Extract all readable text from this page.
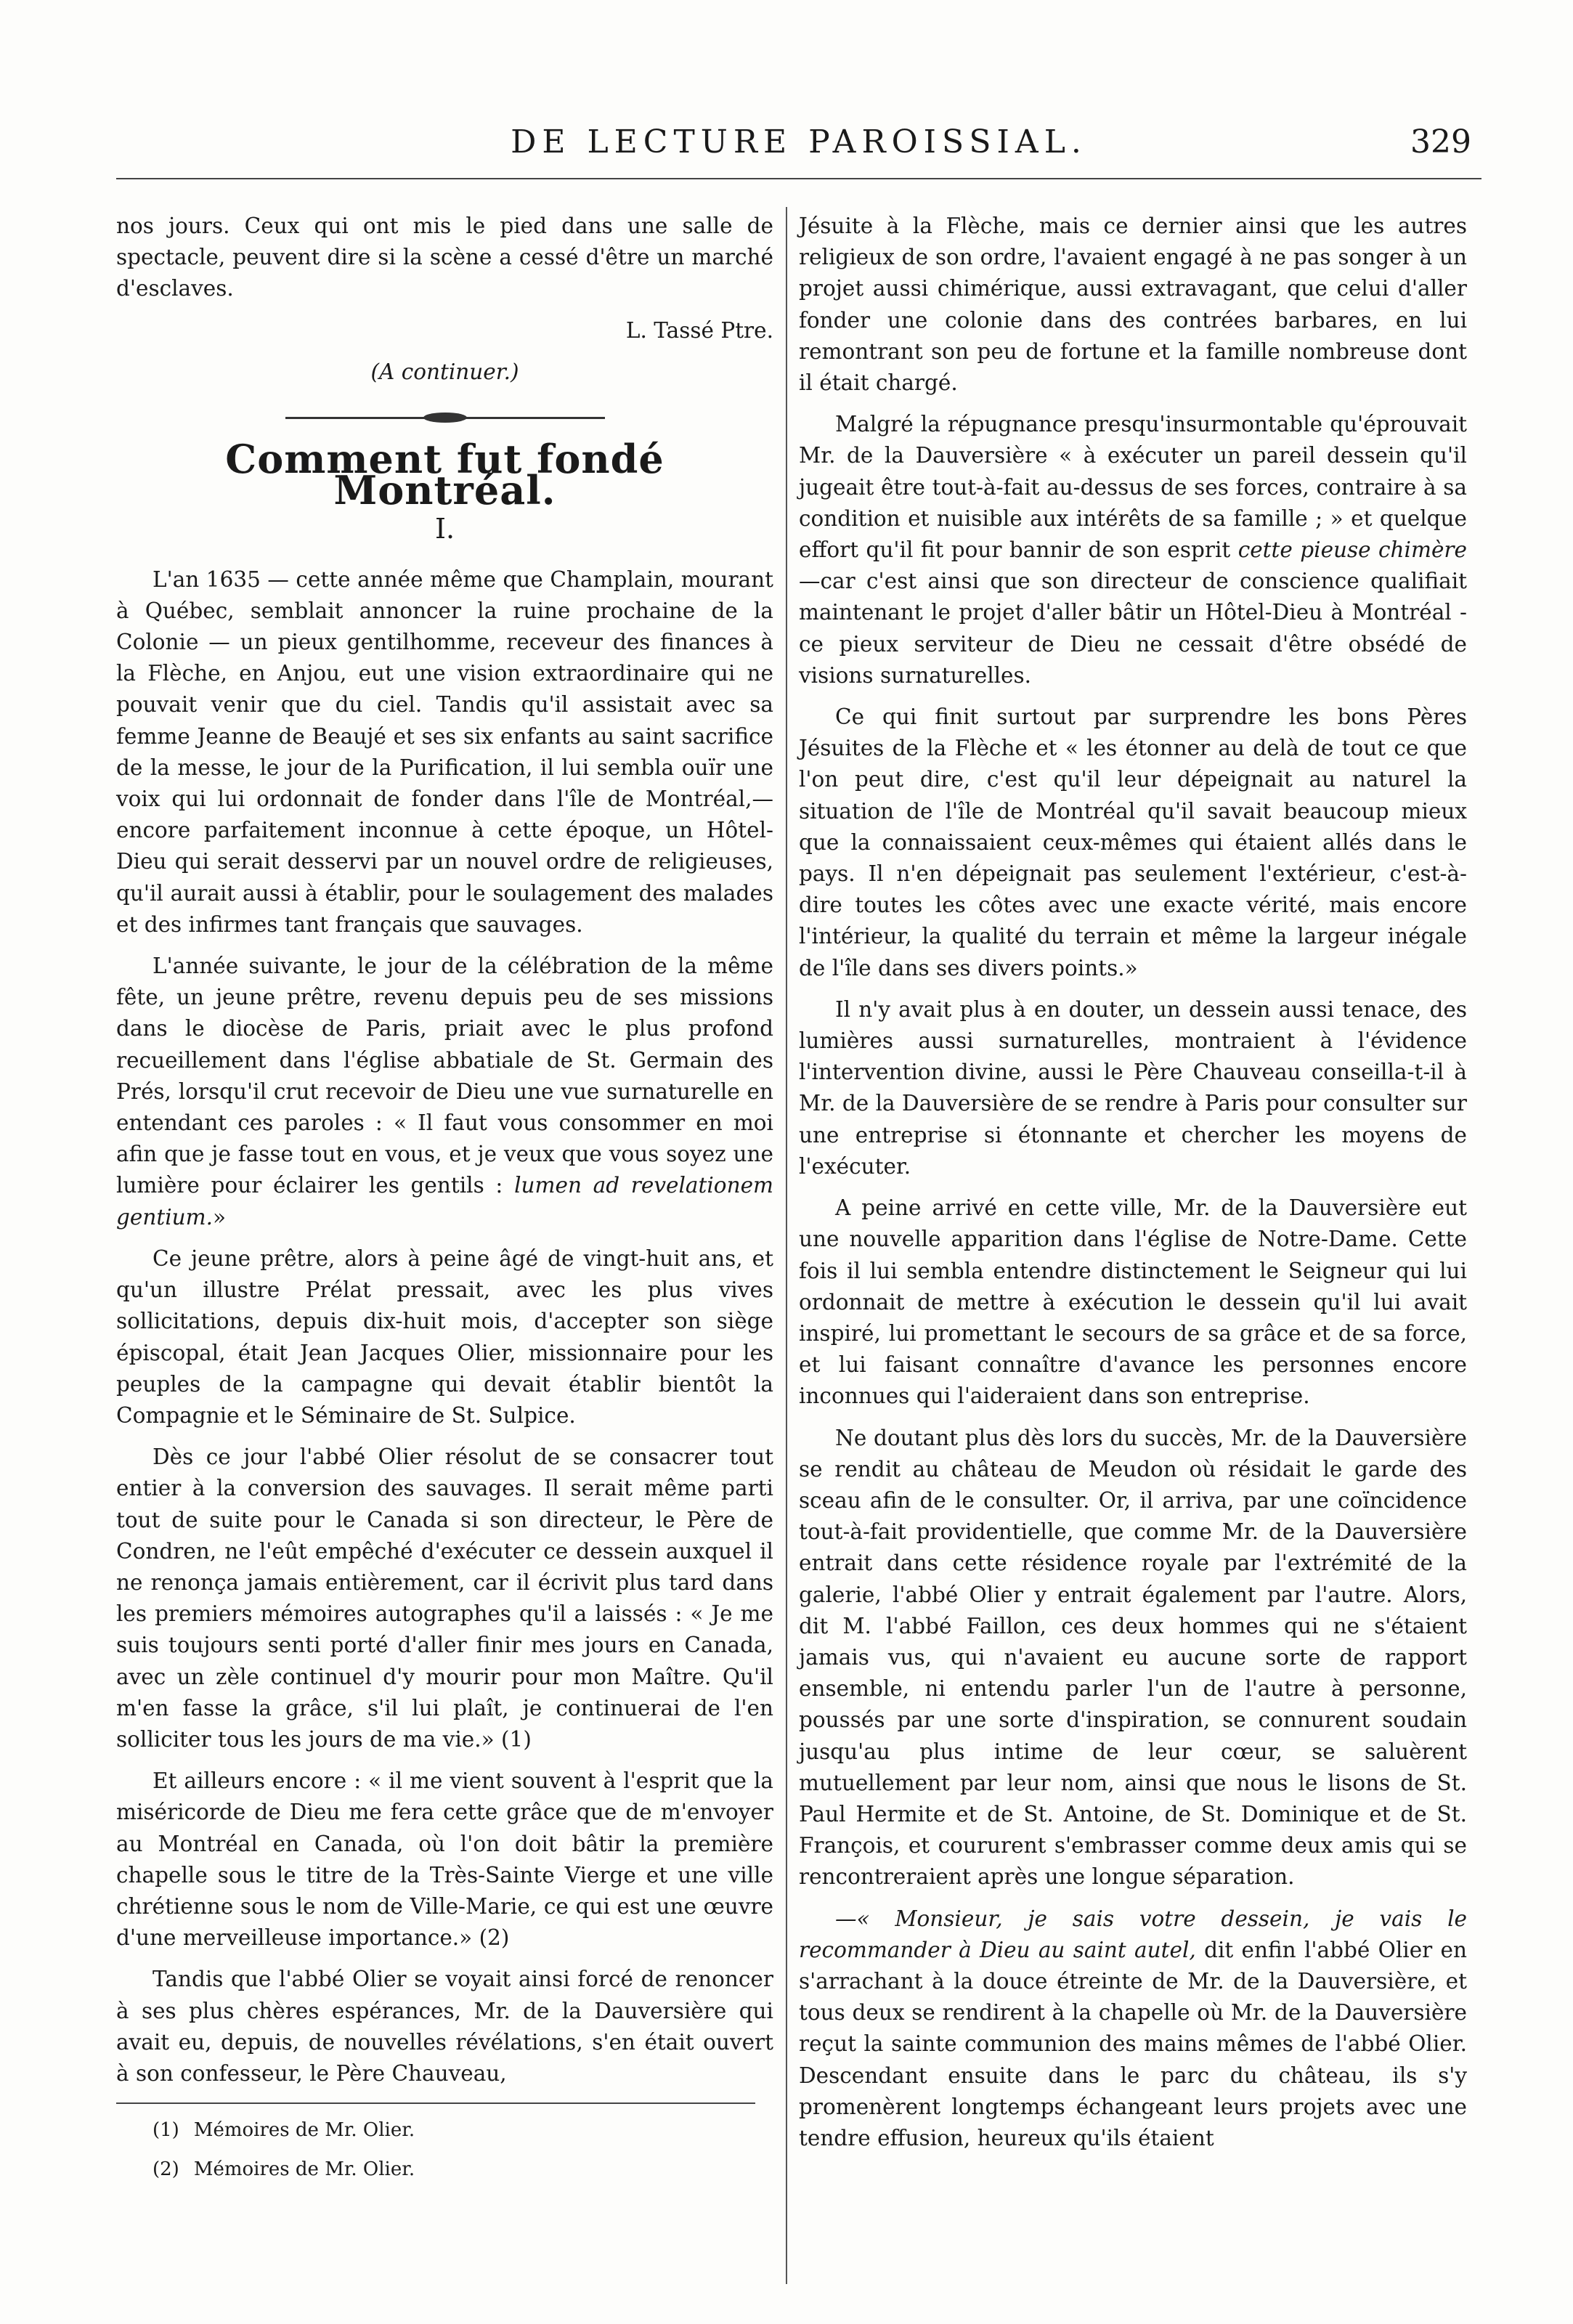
DE LECTURE PAROISSIAL.	329

nos jours. Ceux qui ont mis le pied dans une salle de spectacle, peuvent dire si la scène a cessé d'être un marché d'esclaves.

L. Tassé Ptre.

(A continuer.)

Comment fut fondé Montréal.
I.

L'an 1635 — cette année même que Champlain, mourant à Québec, semblait annoncer la ruine prochaine de la Colonie — un pieux gentilhomme, receveur des finances à la Flèche, en Anjou, eut une vision extraordinaire qui ne pouvait venir que du ciel. Tandis qu'il assistait avec sa femme Jeanne de Beaujé et ses six enfants au saint sacrifice de la messe, le jour de la Purification, il lui sembla ouïr une voix qui lui ordonnait de fonder dans l'île de Montréal,—encore parfaitement inconnue à cette époque, un Hôtel-Dieu qui serait desservi par un nouvel ordre de religieuses, qu'il aurait aussi à établir, pour le soulagement des malades et des infirmes tant français que sauvages.

L'année suivante, le jour de la célébration de la même fête, un jeune prêtre, revenu depuis peu de ses missions dans le diocèse de Paris, priait avec le plus profond recueillement dans l'église abbatiale de St. Germain des Prés, lorsqu'il crut recevoir de Dieu une vue surnaturelle en entendant ces paroles : « Il faut vous consommer en moi afin que je fasse tout en vous, et je veux que vous soyez une lumière pour éclairer les gentils : lumen ad revelationem gentium.»

Ce jeune prêtre, alors à peine âgé de vingt-huit ans, et qu'un illustre Prélat pressait, avec les plus vives sollicitations, depuis dix-huit mois, d'accepter son siège épiscopal, était Jean Jacques Olier, missionnaire pour les peuples de la campagne qui devait établir bientôt la Compagnie et le Séminaire de St. Sulpice.

Dès ce jour l'abbé Olier résolut de se consacrer tout entier à la conversion des sauvages. Il serait même parti tout de suite pour le Canada si son directeur, le Père de Condren, ne l'eût empêché d'exécuter ce dessein auxquel il ne renonça jamais entièrement, car il écrivit plus tard dans les premiers mémoires autographes qu'il a laissés : « Je me suis toujours senti porté d'aller finir mes jours en Canada, avec un zèle continuel d'y mourir pour mon Maître. Qu'il m'en fasse la grâce, s'il lui plaît, je continuerai de l'en solliciter tous les jours de ma vie.» (1)

Et ailleurs encore : « il me vient souvent à l'esprit que la miséricorde de Dieu me fera cette grâce que de m'envoyer au Montréal en Canada, où l'on doit bâtir la première chapelle sous le titre de la Très-Sainte Vierge et une ville chrétienne sous le nom de Ville-Marie, ce qui est une œuvre d'une merveilleuse importance.» (2)

Tandis que l'abbé Olier se voyait ainsi forcé de renoncer à ses plus chères espérances, Mr. de la Dauversière qui avait eu, depuis, de nouvelles révélations, s'en était ouvert à son confesseur, le Père Chauveau,

(1) Mémoires de Mr. Olier.

(2) Mémoires de Mr. Olier.

Jésuite à la Flèche, mais ce dernier ainsi que les autres religieux de son ordre, l'avaient engagé à ne pas songer à un projet aussi chimérique, aussi extravagant, que celui d'aller fonder une colonie dans des contrées barbares, en lui remontrant son peu de fortune et la famille nombreuse dont il était chargé.

Malgré la répugnance presqu'insurmontable qu'éprouvait Mr. de la Dauversière « à exécuter un pareil dessein qu'il jugeait être tout-à-fait au-dessus de ses forces, contraire à sa condition et nuisible aux intérêts de sa famille ; » et quelque effort qu'il fit pour bannir de son esprit cette pieuse chimère—car c'est ainsi que son directeur de conscience qualifiait maintenant le projet d'aller bâtir un Hôtel-Dieu à Montréal - ce pieux serviteur de Dieu ne cessait d'être obsédé de visions surnaturelles.

Ce qui finit surtout par surprendre les bons Pères Jésuites de la Flèche et « les étonner au delà de tout ce que l'on peut dire, c'est qu'il leur dépeignait au naturel la situation de l'île de Montréal qu'il savait beaucoup mieux que la connaissaient ceux-mêmes qui étaient allés dans le pays. Il n'en dépeignait pas seulement l'extérieur, c'est-à-dire toutes les côtes avec une exacte vérité, mais encore l'intérieur, la qualité du terrain et même la largeur inégale de l'île dans ses divers points.»

Il n'y avait plus à en douter, un dessein aussi tenace, des lumières aussi surnaturelles, montraient à l'évidence l'intervention divine, aussi le Père Chauveau conseilla-t-il à Mr. de la Dauversière de se rendre à Paris pour consulter sur une entreprise si étonnante et chercher les moyens de l'exécuter.

A peine arrivé en cette ville, Mr. de la Dauversière eut une nouvelle apparition dans l'église de Notre-Dame. Cette fois il lui sembla entendre distinctement le Seigneur qui lui ordonnait de mettre à exécution le dessein qu'il lui avait inspiré, lui promettant le secours de sa grâce et de sa force, et lui faisant connaître d'avance les personnes encore inconnues qui l'aideraient dans son entreprise.

Ne doutant plus dès lors du succès, Mr. de la Dauversière se rendit au château de Meudon où résidait le garde des sceau afin de le consulter. Or, il arriva, par une coïncidence tout-à-fait providentielle, que comme Mr. de la Dauversière entrait dans cette résidence royale par l'extrémité de la galerie, l'abbé Olier y entrait également par l'autre. Alors, dit M. l'abbé Faillon, ces deux hommes qui ne s'étaient jamais vus, qui n'avaient eu aucune sorte de rapport ensemble, ni entendu parler l'un de l'autre à personne, poussés par une sorte d'inspiration, se connurent soudain jusqu'au plus intime de leur cœur, se saluèrent mutuellement par leur nom, ainsi que nous le lisons de St. Paul Hermite et de St. Antoine, de St. Dominique et de St. François, et coururent s'embrasser comme deux amis qui se rencontreraient après une longue séparation.

—« Monsieur, je sais votre dessein, je vais le recommander à Dieu au saint autel, dit enfin l'abbé Olier en s'arrachant à la douce étreinte de Mr. de la Dauversière, et tous deux se rendirent à la chapelle où Mr. de la Dauversière reçut la sainte communion des mains mêmes de l'abbé Olier. Descendant ensuite dans le parc du château, ils s'y promenèrent longtemps échangeant leurs projets avec une tendre effusion, heureux qu'ils étaient
